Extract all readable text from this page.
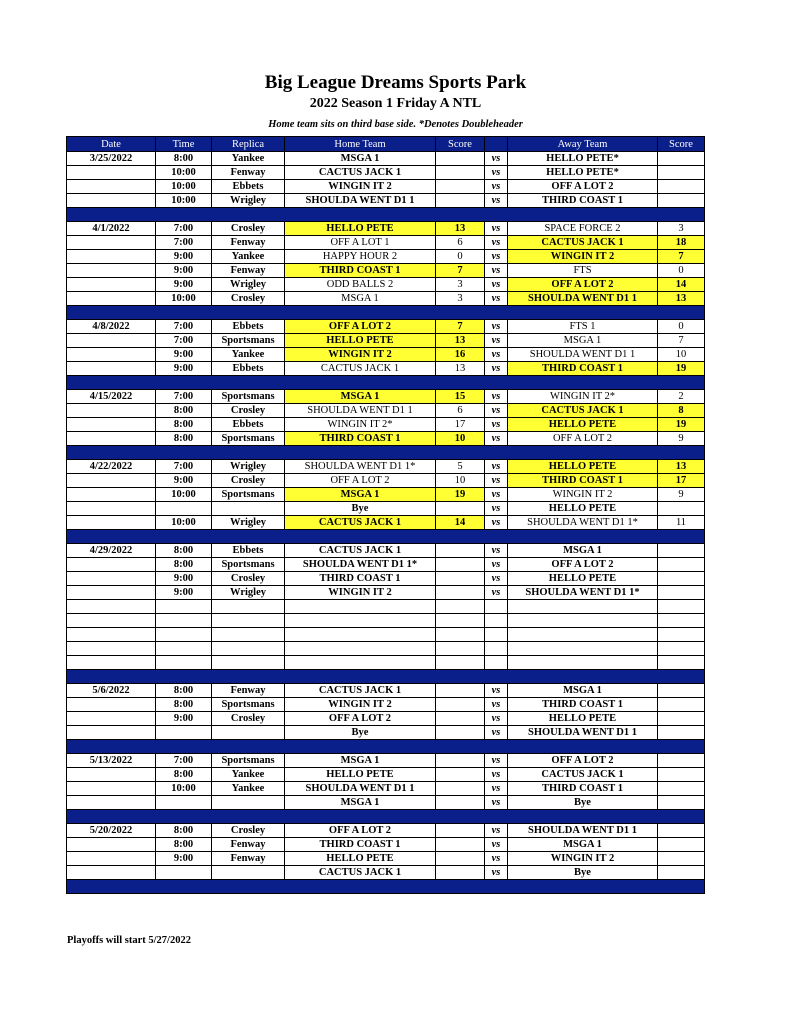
Big League Dreams Sports Park
2022 Season 1 Friday A NTL
Home team sits on third base side. *Denotes Doubleheader
Date	Time	Replica	Home Team	Score		Away Team	Score
3/25/2022	8:00	Yankee	MSGA 1		vs	HELLO PETE*	
	10:00	Fenway	CACTUS JACK 1		vs	HELLO PETE*	
	10:00	Ebbets	WINGIN IT 2		vs	OFF A LOT 2	
	10:00	Wrigley	SHOULDA WENT D1 1		vs	THIRD COAST 1	

4/1/2022	7:00	Crosley	HELLO PETE	13	vs	SPACE FORCE 2	3
	7:00	Fenway	OFF A LOT 1	6	vs	CACTUS JACK 1	18
	9:00	Yankee	HAPPY HOUR 2	0	vs	WINGIN IT 2	7
	9:00	Fenway	THIRD COAST 1	7	vs	FTS	0
	9:00	Wrigley	ODD BALLS 2	3	vs	OFF A LOT 2	14
	10:00	Crosley	MSGA 1	3	vs	SHOULDA WENT D1 1	13

4/8/2022	7:00	Ebbets	OFF A LOT 2	7	vs	FTS 1	0
	7:00	Sportsmans	HELLO PETE	13	vs	MSGA 1	7
	9:00	Yankee	WINGIN IT 2	16	vs	SHOULDA WENT D1 1	10
	9:00	Ebbets	CACTUS JACK 1	13	vs	THIRD COAST 1	19

4/15/2022	7:00	Sportsmans	MSGA 1	15	vs	WINGIN IT 2*	2
	8:00	Crosley	SHOULDA WENT D1 1	6	vs	CACTUS JACK 1	8
	8:00	Ebbets	WINGIN IT 2*	17	vs	HELLO PETE	19
	8:00	Sportsmans	THIRD COAST 1	10	vs	OFF A LOT 2	9

4/22/2022	7:00	Wrigley	SHOULDA WENT D1 1*	5	vs	HELLO PETE	13
	9:00	Crosley	OFF A LOT 2	10	vs	THIRD COAST 1	17
	10:00	Sportsmans	MSGA 1	19	vs	WINGIN IT 2	9
			Bye		vs	HELLO PETE	
	10:00	Wrigley	CACTUS JACK 1	14	vs	SHOULDA WENT D1 1*	11

4/29/2022	8:00	Ebbets	CACTUS JACK 1		vs	MSGA 1	
	8:00	Sportsmans	SHOULDA WENT D1 1*		vs	OFF A LOT 2	
	9:00	Crosley	THIRD COAST 1		vs	HELLO PETE	
	9:00	Wrigley	WINGIN IT 2		vs	SHOULDA WENT D1 1*	

5/6/2022	8:00	Fenway	CACTUS JACK 1		vs	MSGA 1	
	8:00	Sportsmans	WINGIN IT 2		vs	THIRD COAST 1	
	9:00	Crosley	OFF A LOT 2		vs	HELLO PETE	
			Bye		vs	SHOULDA WENT D1 1	

5/13/2022	7:00	Sportsmans	MSGA 1		vs	OFF A LOT 2	
	8:00	Yankee	HELLO PETE		vs	CACTUS JACK 1	
	10:00	Yankee	SHOULDA WENT D1 1		vs	THIRD COAST 1	
			MSGA 1		vs	Bye	

5/20/2022	8:00	Crosley	OFF A LOT 2		vs	SHOULDA WENT D1 1	
	8:00	Fenway	THIRD COAST 1		vs	MSGA 1	
	9:00	Fenway	HELLO PETE		vs	WINGIN IT 2	
			CACTUS JACK 1		vs	Bye	

Playoffs will start 5/27/2022
